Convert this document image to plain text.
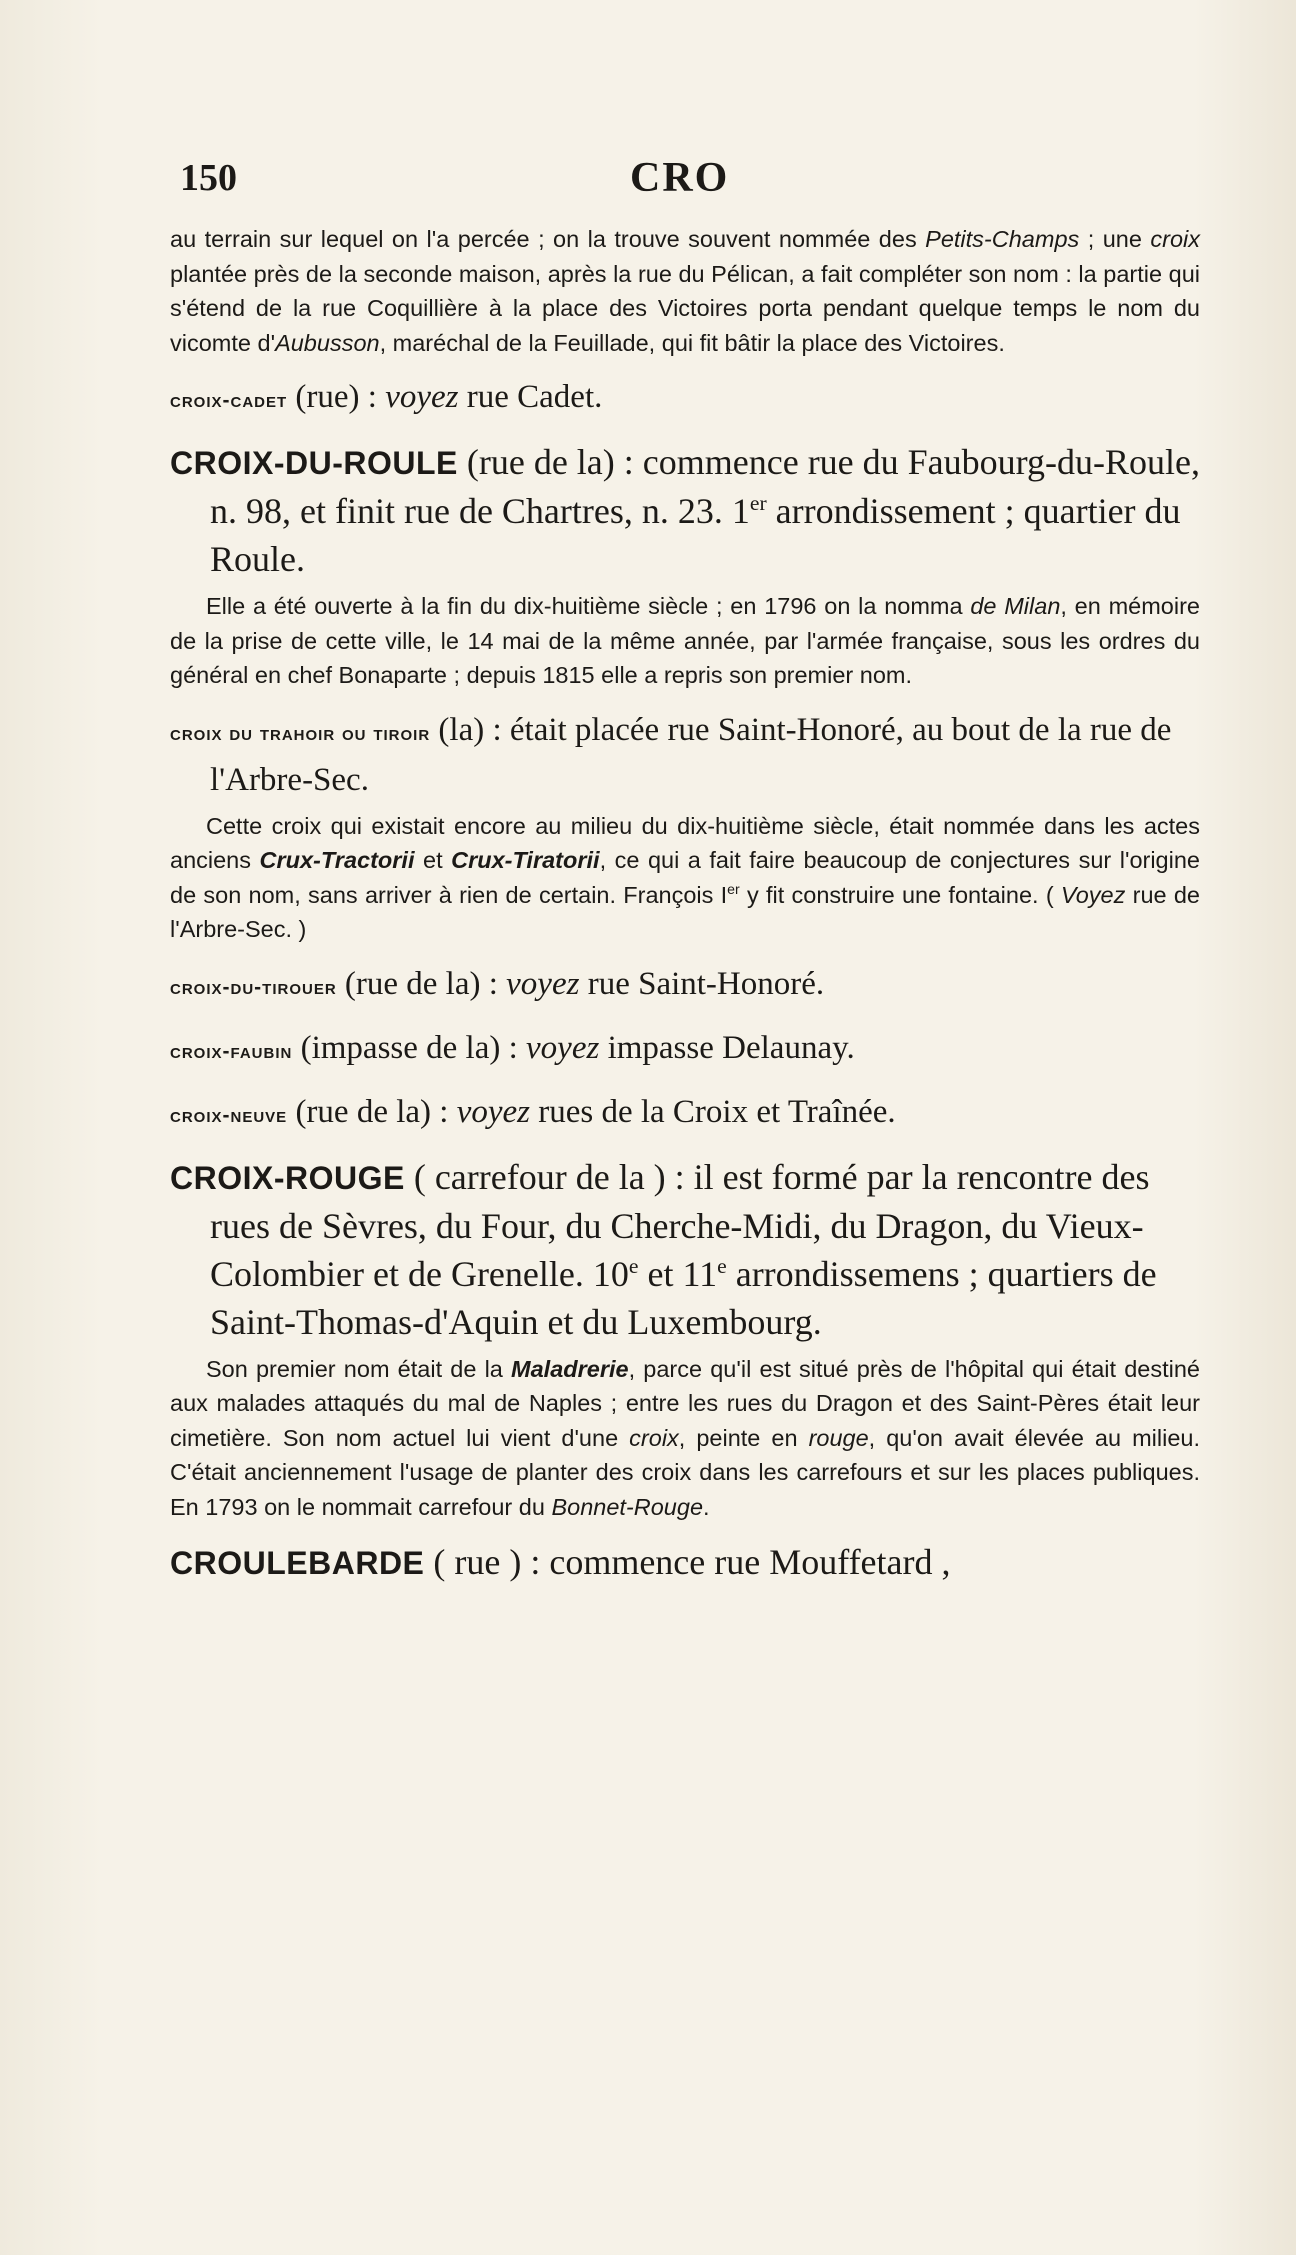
150	CRO

au terrain sur lequel on l'a percée ; on la trouve souvent nommée des Petits-Champs ; une croix plantée près de la seconde maison, après la rue du Pélican, a fait compléter son nom : la partie qui s'étend de la rue Coquillière à la place des Victoires porta pendant quelque temps le nom du vicomte d'Aubusson, maréchal de la Feuillade, qui fit bâtir la place des Victoires.

croix-cadet (rue) : voyez rue Cadet.

CROIX-DU-ROULE (rue de la) : commence rue du Faubourg-du-Roule, n. 98, et finit rue de Chartres, n. 23. 1er arrondissement ; quartier du Roule.

Elle a été ouverte à la fin du dix-huitième siècle ; en 1796 on la nomma de Milan, en mémoire de la prise de cette ville, le 14 mai de la même année, par l'armée française, sous les ordres du général en chef Bonaparte ; depuis 1815 elle a repris son premier nom.

croix du trahoir ou tiroir (la) : était placée rue Saint-Honoré, au bout de la rue de l'Arbre-Sec.

Cette croix qui existait encore au milieu du dix-huitième siècle, était nommée dans les actes anciens Crux-Tractorii et Crux-Tiratorii, ce qui a fait faire beaucoup de conjectures sur l'origine de son nom, sans arriver à rien de certain. François Ier y fit construire une fontaine. ( Voyez rue de l'Arbre-Sec. )

croix-du-tirouer (rue de la) : voyez rue Saint-Honoré.

croix-faubin (impasse de la) : voyez impasse Delaunay.

croix-neuve (rue de la) : voyez rues de la Croix et Traînée.

CROIX-ROUGE ( carrefour de la ) : il est formé par la rencontre des rues de Sèvres, du Four, du Cherche-Midi, du Dragon, du Vieux-Colombier et de Grenelle. 10e et 11e arrondissemens ; quartiers de Saint-Thomas-d'Aquin et du Luxembourg.

Son premier nom était de la Maladrerie, parce qu'il est situé près de l'hôpital qui était destiné aux malades attaqués du mal de Naples ; entre les rues du Dragon et des Saint-Pères était leur cimetière. Son nom actuel lui vient d'une croix, peinte en rouge, qu'on avait élevée au milieu. C'était anciennement l'usage de planter des croix dans les carrefours et sur les places publiques. En 1793 on le nommait carrefour du Bonnet-Rouge.

CROULEBARDE ( rue ) : commence rue Mouffetard ,
